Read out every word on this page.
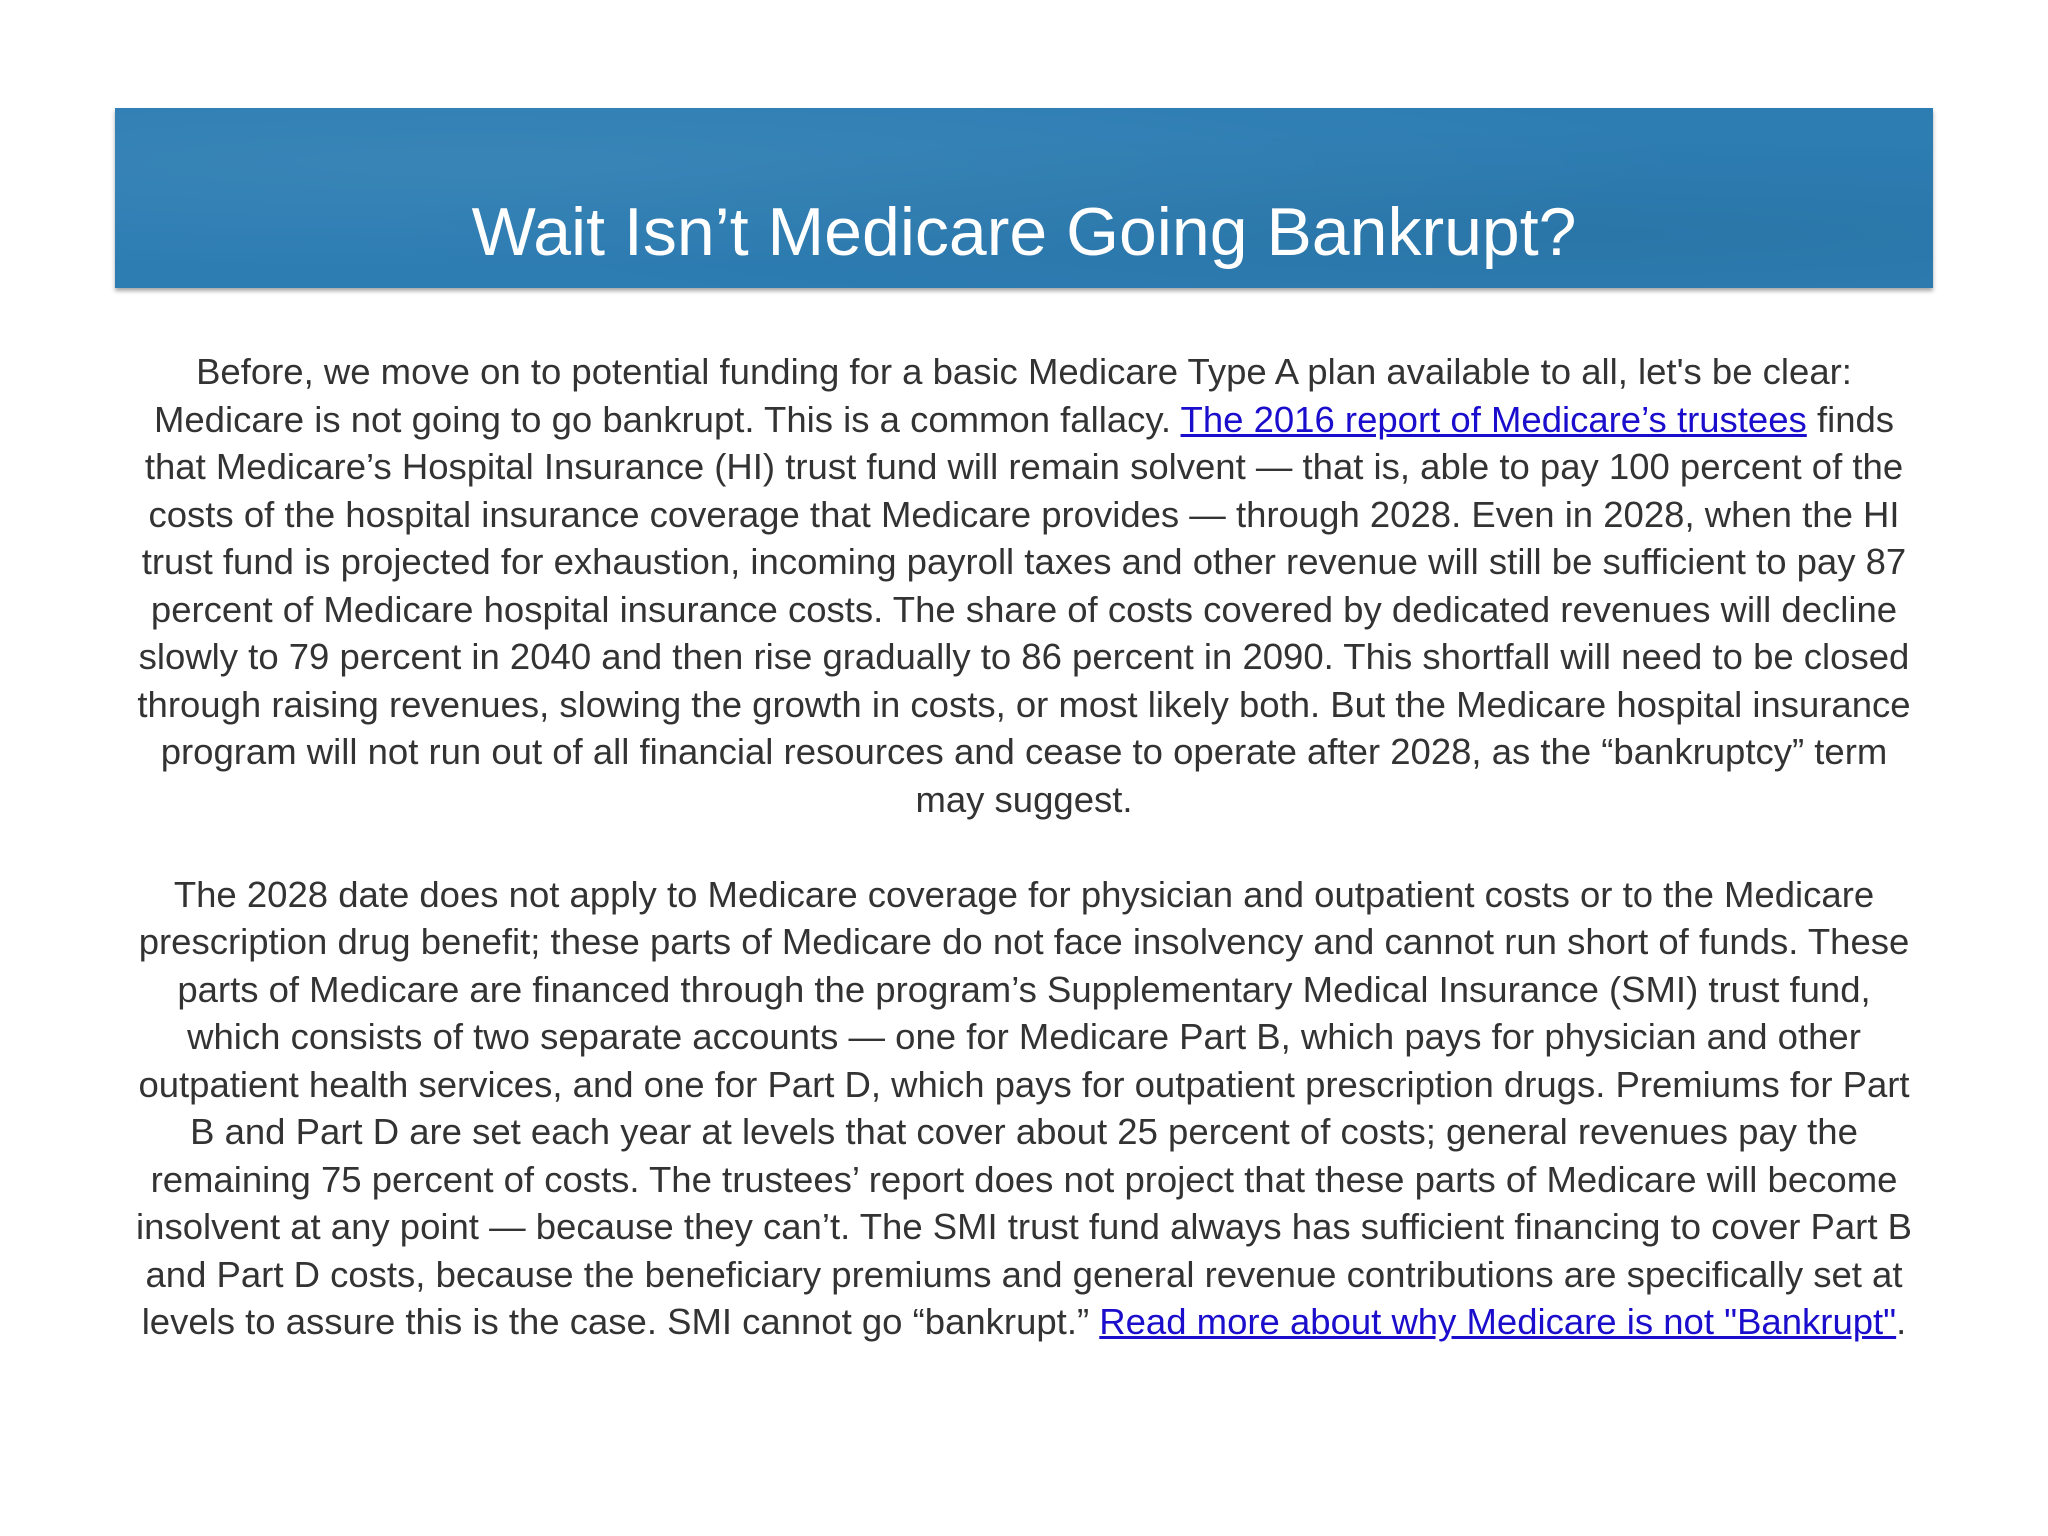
Wait Isn’t Medicare Going Bankrupt?

Before, we move on to potential funding for a basic Medicare Type A plan available to all, let's be clear: Medicare is not going to go bankrupt. This is a common fallacy. The 2016 report of Medicare’s trustees finds that Medicare’s Hospital Insurance (HI) trust fund will remain solvent — that is, able to pay 100 percent of the costs of the hospital insurance coverage that Medicare provides — through 2028. Even in 2028, when the HI trust fund is projected for exhaustion, incoming payroll taxes and other revenue will still be sufficient to pay 87 percent of Medicare hospital insurance costs. The share of costs covered by dedicated revenues will decline slowly to 79 percent in 2040 and then rise gradually to 86 percent in 2090. This shortfall will need to be closed through raising revenues, slowing the growth in costs, or most likely both. But the Medicare hospital insurance program will not run out of all financial resources and cease to operate after 2028, as the “bankruptcy” term may suggest.

The 2028 date does not apply to Medicare coverage for physician and outpatient costs or to the Medicare prescription drug benefit; these parts of Medicare do not face insolvency and cannot run short of funds. These parts of Medicare are financed through the program’s Supplementary Medical Insurance (SMI) trust fund, which consists of two separate accounts — one for Medicare Part B, which pays for physician and other outpatient health services, and one for Part D, which pays for outpatient prescription drugs. Premiums for Part B and Part D are set each year at levels that cover about 25 percent of costs; general revenues pay the remaining 75 percent of costs. The trustees’ report does not project that these parts of Medicare will become insolvent at any point — because they can’t. The SMI trust fund always has sufficient financing to cover Part B and Part D costs, because the beneficiary premiums and general revenue contributions are specifically set at levels to assure this is the case. SMI cannot go “bankrupt.” Read more about why Medicare is not "Bankrupt".
